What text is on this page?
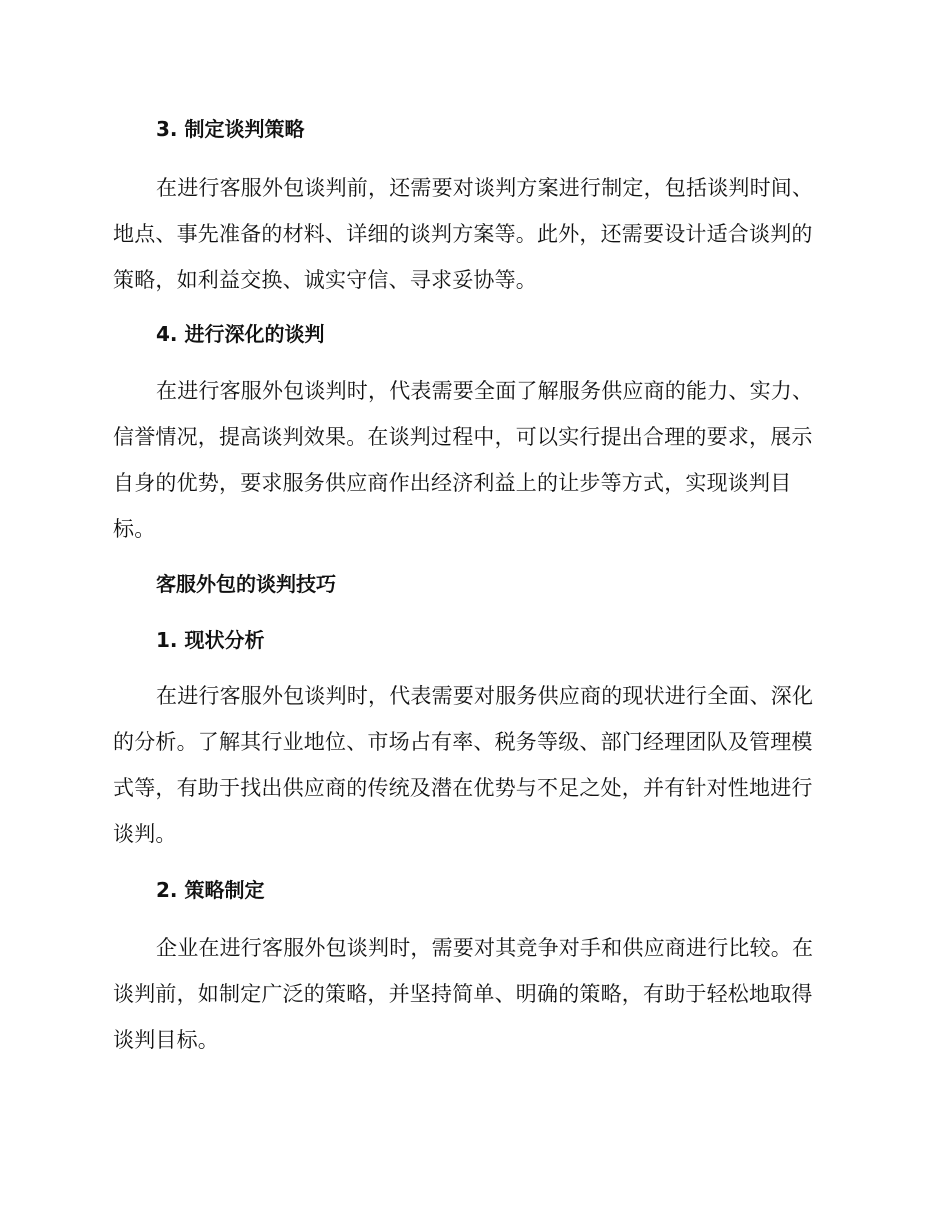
3. 制定谈判策略
在进行客服外包谈判前，还需要对谈判方案进行制定，包括谈判时间、地点、事先准备的材料、详细的谈判方案等。此外，还需要设计适合谈判的策略，如利益交换、诚实守信、寻求妥协等。
4. 进行深化的谈判
在进行客服外包谈判时，代表需要全面了解服务供应商的能力、实力、信誉情况，提高谈判效果。在谈判过程中，可以实行提出合理的要求，展示自身的优势，要求服务供应商作出经济利益上的让步等方式，实现谈判目标。
客服外包的谈判技巧
1. 现状分析
在进行客服外包谈判时，代表需要对服务供应商的现状进行全面、深化的分析。了解其行业地位、市场占有率、税务等级、部门经理团队及管理模式等，有助于找出供应商的传统及潜在优势与不足之处，并有针对性地进行谈判。
2. 策略制定
企业在进行客服外包谈判时，需要对其竞争对手和供应商进行比较。在谈判前，如制定广泛的策略，并坚持简单、明确的策略，有助于轻松地取得谈判目标。
